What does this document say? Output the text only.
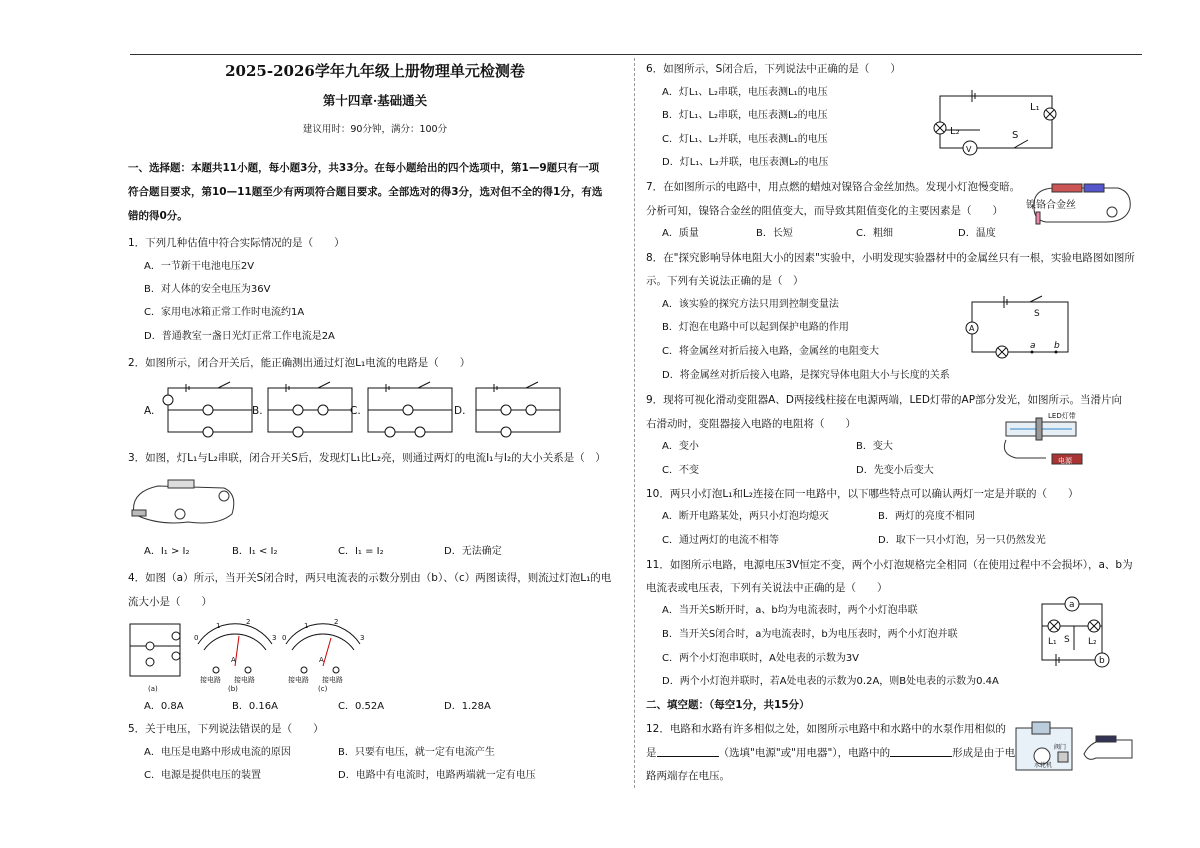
2025-2026学年九年级上册物理单元检测卷
第十四章·基础通关
建议用时：90分钟，满分：100分
一、选择题：本题共11小题，每小题3分，共33分。在每小题给出的四个选项中，第1—9题只有一项
符合题目要求，第10—11题至少有两项符合题目要求。全部选对的得3分，选对但不全的得1分，有选
错的得0分。
1．下列几种估值中符合实际情况的是（　　）
A．一节新干电池电压2V
B．对人体的安全电压为36V
C．家用电冰箱正常工作时电流约1A
D．普通教室一盏日光灯正常工作电流是2A
2．如图所示，闭合开关后，能正确测出通过灯泡L₁电流的电路是（　　）
A.	B.	C.	D.
3．如图，灯L₁与L₂串联，闭合开关S后，发现灯L₁比L₂亮，则通过两灯的电流I₁与I₂的大小关系是（　）
A．I₁ > I₂	B．I₁ < I₂	C．I₁ = I₂	D．无法确定
4．如图（a）所示，当开关S闭合时，两只电流表的示数分别由（b）、（c）两图读得，则流过灯泡L₁的电
流大小是（　　）
(a)	(b)	(c)
接电路 接电路	接电路 接电路
0
1	2
3 0
1	2
3
A	A
A．0.8A	B．0.16A	C．0.52A	D．1.28A
5．关于电压，下列说法错误的是（　　）
A．电压是电路中形成电流的原因	B．只要有电压，就一定有电流产生
C．电源是提供电压的装置	D．电路中有电流时，电路两端就一定有电压
6．如图所示，S闭合后，下列说法中正确的是（　　）
A．灯L₁、L₂串联，电压表测L₁的电压
B．灯L₁、L₂串联，电压表测L₂的电压
C．灯L₁、L₂并联，电压表测L₁的电压
D．灯L₁、L₂并联，电压表测L₂的电压
L₁
L₂	S
V
7．在如图所示的电路中，用点燃的蜡烛对镍铬合金丝加热。发现小灯泡慢变暗。
分析可知，镍铬合金丝的阻值变大，而导致其阻值变化的主要因素是（　　） 镍铬合金丝
A．质量	B．长短	C．粗细	D．温度
8．在"探究影响导体电阻大小的因素"实验中，小明发现实验器材中的金属丝只有一根，实验电路图如图所
示。下列有关说法正确的是（　）
A．该实验的探究方法只用到控制变量法
B．灯泡在电路中可以起到保护电路的作用
C．将金属丝对折后接入电路，金属丝的电阻变大
D．将金属丝对折后接入电路，是探究导体电阻大小与长度的关系
S
A
a b
9．现将可视化滑动变阻器A、D两接线柱接在电源两端，LED灯带的AP部分发光，如图所示。当滑片向
右滑动时，变阻器接入电路的电阻将（　　）
A．变小	B．变大
C．不变	D．先变小后变大
LED灯带
电源
10．两只小灯泡L₁和L₂连接在同一电路中，以下哪些特点可以确认两灯一定是并联的（　　）
A．断开电路某处，两只小灯泡均熄灭	B．两灯的亮度不相同
C．通过两灯的电流不相等	D．取下一只小灯泡，另一只仍然发光
11．如图所示电路，电源电压3V恒定不变，两个小灯泡规格完全相同（在使用过程中不会损坏），a、b为
电流表或电压表，下列有关说法中正确的是（　　）
A．当开关S断开时，a、b均为电流表时，两个小灯泡串联
B．当开关S闭合时，a为电流表时，b为电压表时，两个小灯泡并联
C．两个小灯泡串联时，A处电表的示数为3V
D．两个小灯泡并联时，若A处电表的示数为0.2A，则B处电表的示数为0.4A
a
b
L₁	L₂
S
二、填空题：（每空1分，共15分）
12．电路和水路有许多相似之处，如图所示电路中和水路中的水泵作用相似的
是	（选填"电源"或"用电器"），电路中的	形成是由于电
路两端存在电压。
水轮机
阀门
